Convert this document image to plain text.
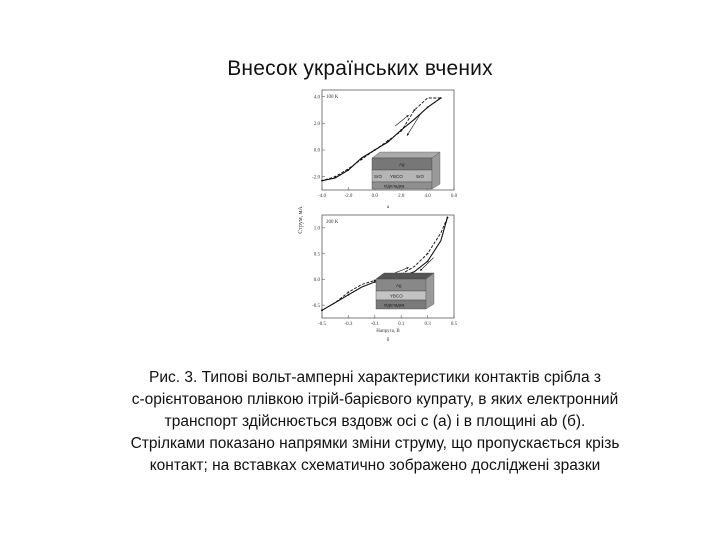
Внесок українських вчених
Струм, мА
100 K
4.0
2.0
0.0
-2.0
-4.0	-2.0	0.0	2.0	4.0	6.0
Ag
SrO YBCO	SrO
підкладка
200 K
1.0
0.5
0.0
-0.5
-0.5	-0.3	-0.1	0.1	0.3	0.5
Ag
YBCO
підкладка
a
Напруга, В
б
Рис. 3. Типові вольт-амперні характеристики контактів срібла з
с-орієнтованою плівкою ітрій-барієвого купрату, в яких електронний
транспорт здійснюється вздовж осі с (а) і в площині ab (б).
Стрілками показано напрямки зміни струму, що пропускається крізь
контакт; на вставках схематично зображено досліджені зразки
